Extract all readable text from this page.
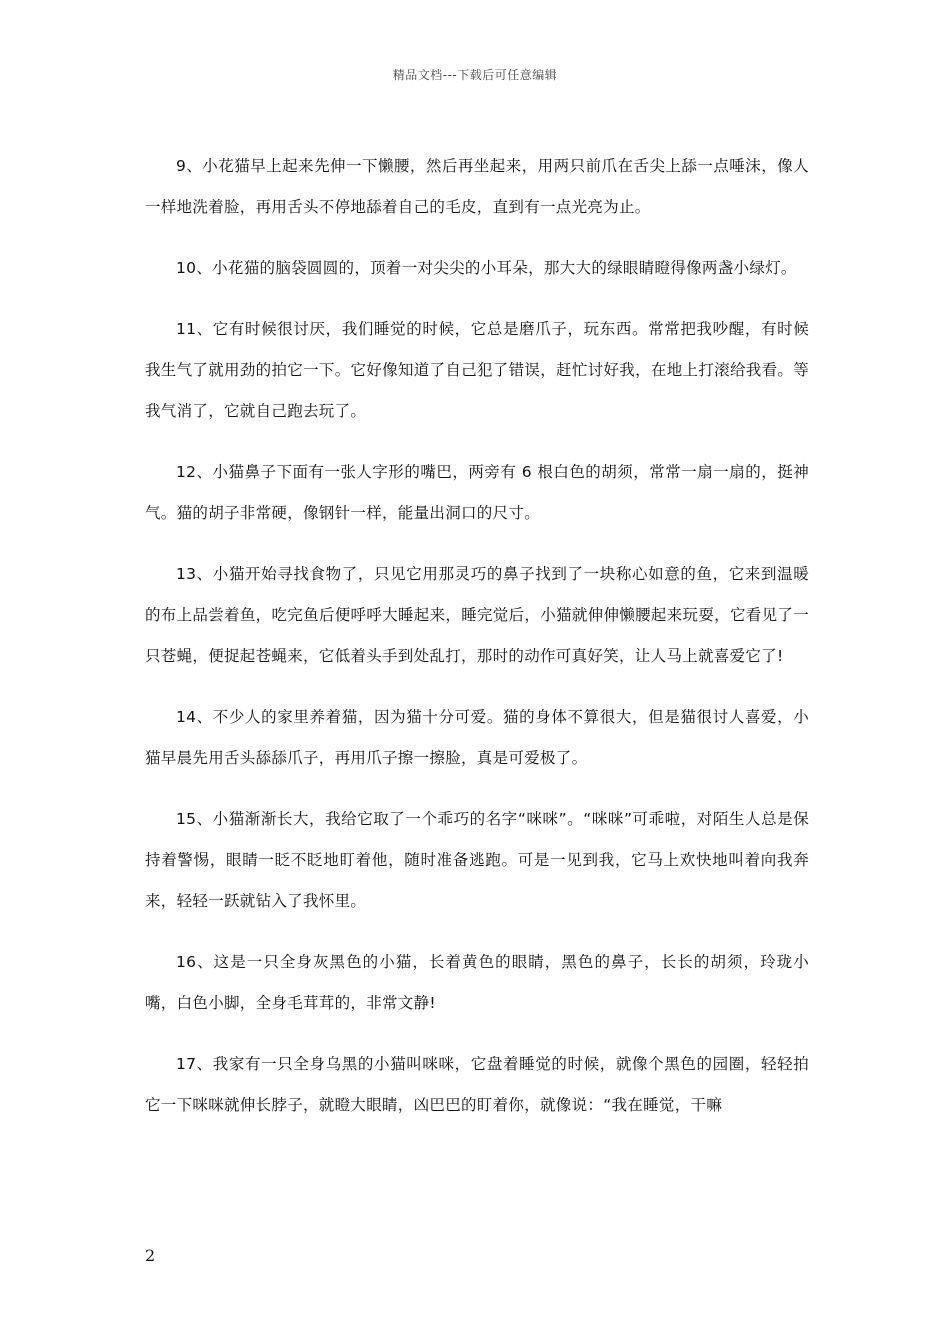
精品文档---下载后可任意编辑

9、小花猫早上起来先伸一下懒腰，然后再坐起来，用两只前爪在舌尖上舔一点唾沫，像人一样地洗着脸，再用舌头不停地舔着自己的毛皮，直到有一点光亮为止。

10、小花猫的脑袋圆圆的，顶着一对尖尖的小耳朵，那大大的绿眼睛瞪得像两盏小绿灯。

11、它有时候很讨厌，我们睡觉的时候，它总是磨爪子，玩东西。常常把我吵醒，有时候我生气了就用劲的拍它一下。它好像知道了自己犯了错误，赶忙讨好我，在地上打滚给我看。等我气消了，它就自己跑去玩了。

12、小猫鼻子下面有一张人字形的嘴巴，两旁有 6 根白色的胡须，常常一扇一扇的，挺神气。猫的胡子非常硬，像钢针一样，能量出洞口的尺寸。

13、小猫开始寻找食物了，只见它用那灵巧的鼻子找到了一块称心如意的鱼，它来到温暖的布上品尝着鱼，吃完鱼后便呼呼大睡起来，睡完觉后，小猫就伸伸懒腰起来玩耍，它看见了一只苍蝇，便捉起苍蝇来，它低着头手到处乱打，那时的动作可真好笑，让人马上就喜爱它了!

14、不少人的家里养着猫，因为猫十分可爱。猫的身体不算很大，但是猫很讨人喜爱，小猫早晨先用舌头舔舔爪子，再用爪子擦一擦脸，真是可爱极了。

15、小猫渐渐长大，我给它取了一个乖巧的名字“咪咪”。“咪咪”可乖啦，对陌生人总是保持着警惕，眼睛一眨不眨地盯着他，随时准备逃跑。可是一见到我，它马上欢快地叫着向我奔来，轻轻一跃就钻入了我怀里。

16、这是一只全身灰黑色的小猫，长着黄色的眼睛，黑色的鼻子，长长的胡须，玲珑小嘴，白色小脚，全身毛茸茸的，非常文静!

17、我家有一只全身乌黑的小猫叫咪咪，它盘着睡觉的时候，就像个黑色的园圈，轻轻拍它一下咪咪就伸长脖子，就瞪大眼睛，凶巴巴的盯着你，就像说：“我在睡觉，干嘛

2
